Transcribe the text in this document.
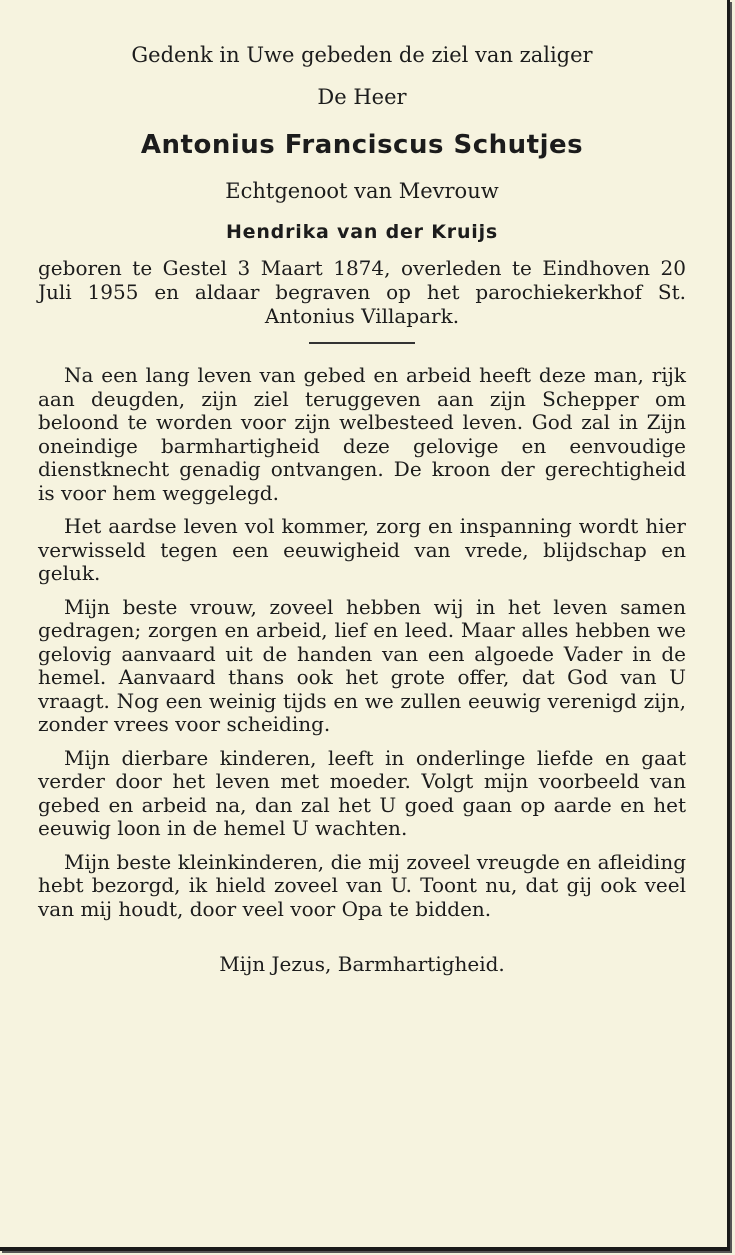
Gedenk in Uwe gebeden de ziel van zaliger

De Heer

Antonius Franciscus Schutjes

Echtgenoot van Mevrouw

Hendrika van der Kruijs

geboren te Gestel 3 Maart 1874, overleden te Eindhoven 20 Juli 1955 en aldaar begraven op het parochiekerkhof St. Antonius Villapark.

Na een lang leven van gebed en arbeid heeft deze man, rijk aan deugden, zijn ziel teruggeven aan zijn Schepper om beloond te worden voor zijn welbesteed leven. God zal in Zijn oneindige barmhartigheid deze gelovige en eenvoudige dienstknecht genadig ontvangen. De kroon der gerechtigheid is voor hem weggelegd.

Het aardse leven vol kommer, zorg en inspanning wordt hier verwisseld tegen een eeuwigheid van vrede, blijdschap en geluk.

Mijn beste vrouw, zoveel hebben wij in het leven samen gedragen; zorgen en arbeid, lief en leed. Maar alles hebben we gelovig aanvaard uit de handen van een algoede Vader in de hemel. Aanvaard thans ook het grote offer, dat God van U vraagt. Nog een weinig tijds en we zullen eeuwig verenigd zijn, zonder vrees voor scheiding.

Mijn dierbare kinderen, leeft in onderlinge liefde en gaat verder door het leven met moeder. Volgt mijn voorbeeld van gebed en arbeid na, dan zal het U goed gaan op aarde en het eeuwig loon in de hemel U wachten.

Mijn beste kleinkinderen, die mij zoveel vreugde en afleiding hebt bezorgd, ik hield zoveel van U. Toont nu, dat gij ook veel van mij houdt, door veel voor Opa te bidden.

Mijn Jezus, Barmhartigheid.
